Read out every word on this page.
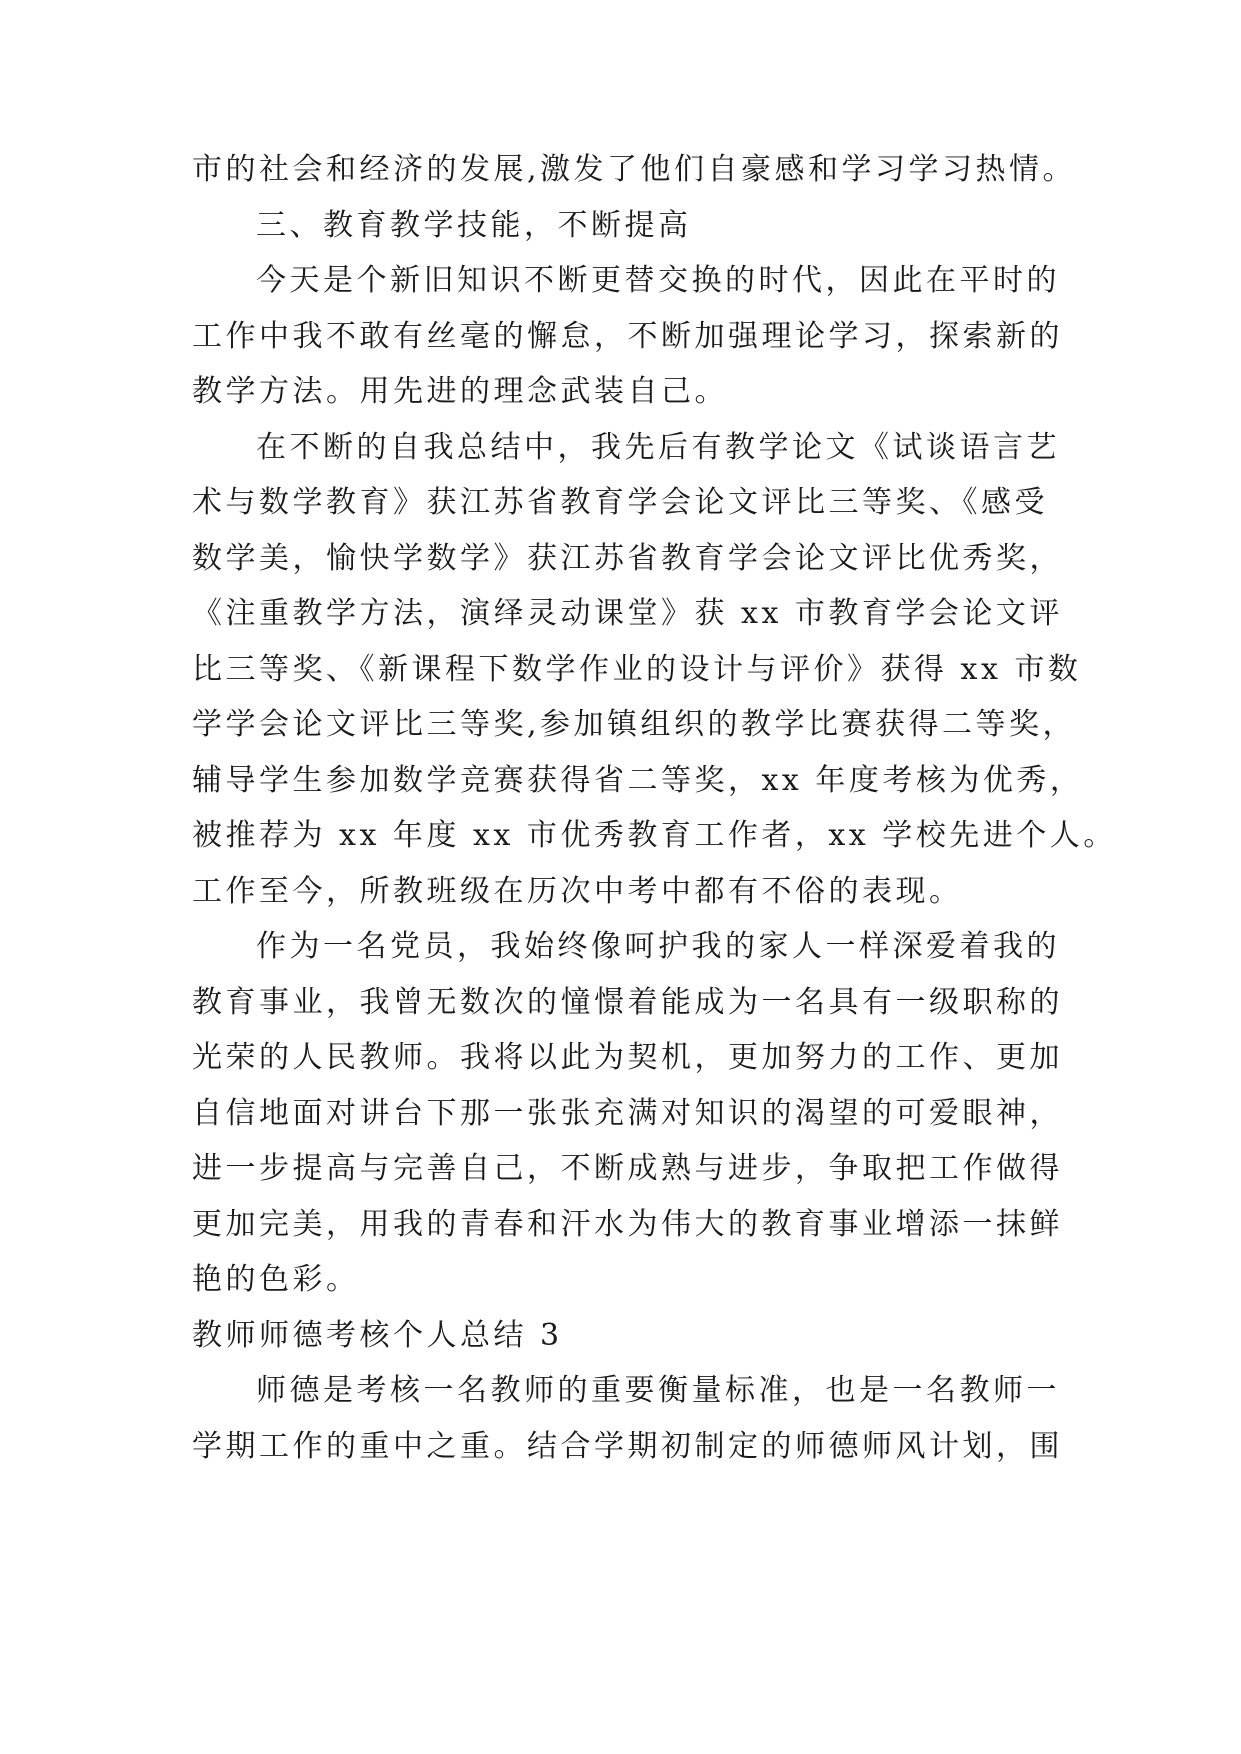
市的社会和经济的发展,激发了他们自豪感和学习学习热情。
三、教育教学技能，不断提高
今天是个新旧知识不断更替交换的时代，因此在平时的
工作中我不敢有丝毫的懈怠，不断加强理论学习，探索新的
教学方法。用先进的理念武装自己。
在不断的自我总结中，我先后有教学论文《试谈语言艺
术与数学教育》获江苏省教育学会论文评比三等奖、《感受
数学美，愉快学数学》获江苏省教育学会论文评比优秀奖，
《注重教学方法，演绎灵动课堂》获 xx 市教育学会论文评
比三等奖、《新课程下数学作业的设计与评价》获得 xx 市数
学学会论文评比三等奖,参加镇组织的教学比赛获得二等奖，
辅导学生参加数学竞赛获得省二等奖，xx 年度考核为优秀，
被推荐为 xx 年度 xx 市优秀教育工作者，xx 学校先进个人。
工作至今，所教班级在历次中考中都有不俗的表现。
作为一名党员，我始终像呵护我的家人一样深爱着我的
教育事业，我曾无数次的憧憬着能成为一名具有一级职称的
光荣的人民教师。我将以此为契机，更加努力的工作、更加
自信地面对讲台下那一张张充满对知识的渴望的可爱眼神，
进一步提高与完善自己，不断成熟与进步，争取把工作做得
更加完美，用我的青春和汗水为伟大的教育事业增添一抹鲜
艳的色彩。
教师师德考核个人总结 3
师德是考核一名教师的重要衡量标准，也是一名教师一
学期工作的重中之重。结合学期初制定的师德师风计划，围
